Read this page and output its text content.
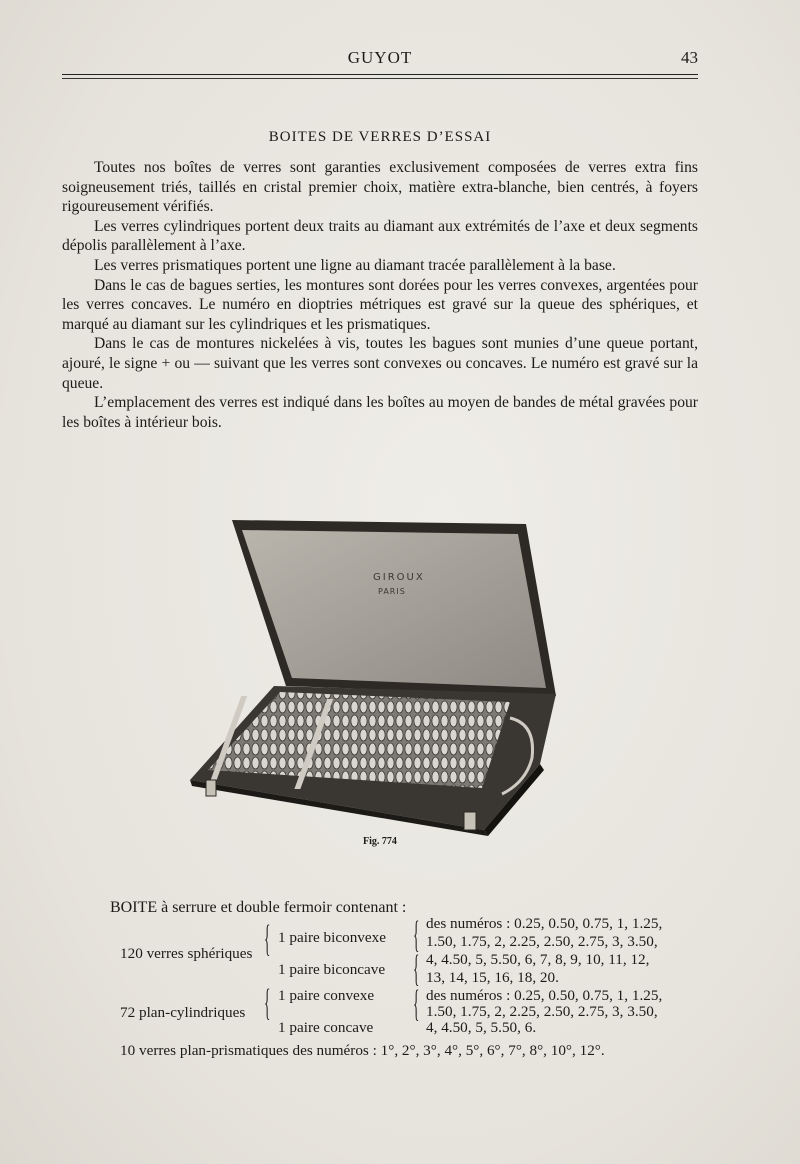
GUYOT	43
BOITES DE VERRES D’ESSAI

Toutes nos boîtes de verres sont garanties exclusivement composées de verres extra fins soigneusement triés, taillés en cristal premier choix, matière extra-blanche, bien centrés, à foyers rigoureusement vérifiés.

Les verres cylindriques portent deux traits au diamant aux extrémités de l’axe et deux segments dépolis parallèlement à l’axe.

Les verres prismatiques portent une ligne au diamant tracée parallèlement à la base.

Dans le cas de bagues serties, les montures sont dorées pour les verres convexes, argentées pour les verres concaves. Le numéro en dioptries métriques est gravé sur la queue des sphériques, et marqué au diamant sur les cylindriques et les prismatiques.

Dans le cas de montures nickelées à vis, toutes les bagues sont munies d’une queue portant, ajouré, le signe + ou — suivant que les verres sont convexes ou concaves. Le numéro est gravé sur la queue.

L’emplacement des verres est indiqué dans les boîtes au moyen de bandes de métal gravées pour les boîtes à intérieur bois.

GIROUX
PARIS
Fig. 774
BOITE à serrure et double fermoir contenant :
120 verres sphériques { 1 paire biconvexe
1 paire biconcave
{
{
des numéros : 0.25, 0.50, 0.75, 1, 1.25,
1.50, 1.75, 2, 2.25, 2.50, 2.75, 3, 3.50,
4, 4.50, 5, 5.50, 6, 7, 8, 9, 10, 11, 12,
13, 14, 15, 16, 18, 20.
72 plan-cylindriques { 1 paire convexe
1 paire concave
{ des numéros : 0.25, 0.50, 0.75, 1, 1.25,
1.50, 1.75, 2, 2.25, 2.50, 2.75, 3, 3.50,
4, 4.50, 5, 5.50, 6.
10 verres plan-prismatiques des numéros : 1°, 2°, 3°, 4°, 5°, 6°, 7°, 8°, 10°, 12°.
